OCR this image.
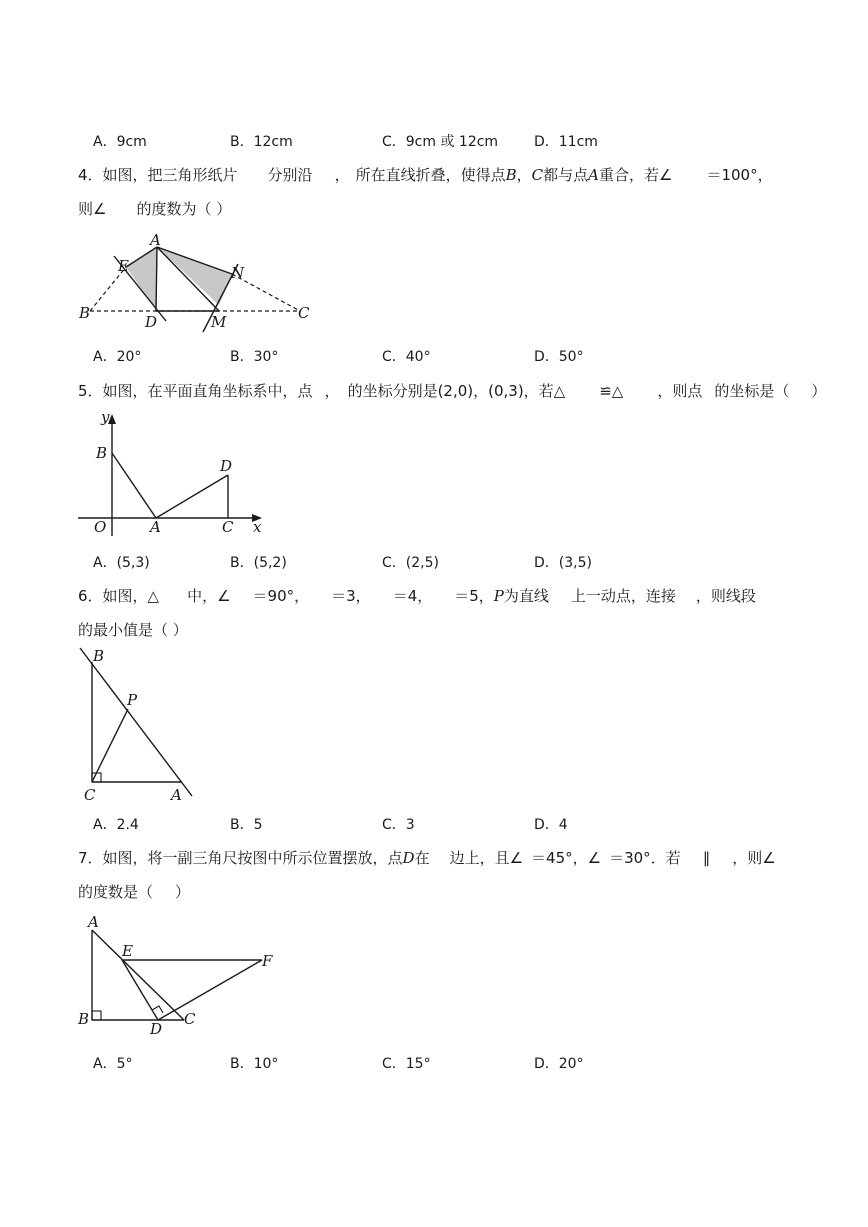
A．9cm	B．12cm	C．9cm 或 12cm	D．11cm
4．如图，把三角形纸片 分别沿 ， 所在直线折叠，使得点B，C都与点A重合，若∠ ＝100°，
则∠ 的度数为（ ）
A
E	N
B	D	M	C
A．20°	B．30°	C．40°	D．50°
5．如图，在平面直角坐标系中，点 ， 的坐标分别是(2,0)，(0,3)，若△ ≌△ ，则点 的坐标是（ ）
y
B
D
O	A	C x
A．(5,3)	B．(5,2)	C．(2,5)	D．(3,5)
6．如图，△ 中，∠ ＝90°， ＝3， ＝4， ＝5，P为直线 上一动点，连接 ，则线段
的最小值是（ ）
B
P
C	A
A．2.4	B．5	C．3	D．4
7．如图，将一副三角尺按图中所示位置摆放，点D在 边上，且∠ ＝45°，∠ ＝30°．若 ∥ ，则∠
的度数是（ ）
A
E
F
B
D
C
A．5°	B．10°	C．15°	D．20°
